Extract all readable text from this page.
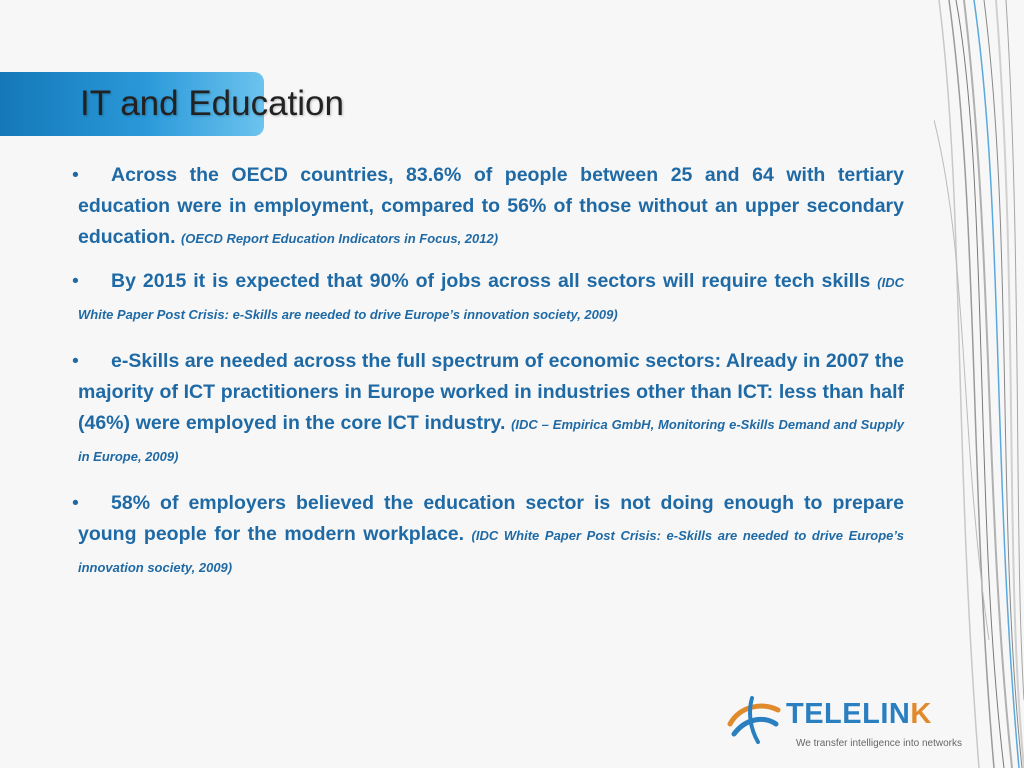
IT and Education
•	Across the OECD countries, 83.6% of people between 25 and 64 with tertiary education were in employment, compared to 56% of those without an upper secondary education. (OECD Report Education Indicators in Focus, 2012)
•	By 2015 it is expected that 90% of jobs across all sectors will require tech skills (IDC White Paper Post Crisis: e-Skills are needed to drive Europe’s innovation society, 2009)
•	e-Skills are needed across the full spectrum of economic sectors: Already in 2007 the majority of ICT practitioners in Europe worked in industries other than ICT: less than half (46%) were employed in the core ICT industry. (IDC – Empirica GmbH, Monitoring e-Skills Demand and Supply in Europe, 2009)
•	58% of employers believed the education sector is not doing enough to prepare young people for the modern workplace. (IDC White Paper Post Crisis: e-Skills are needed to drive Europe’s innovation society, 2009)
TELELINK
We transfer intelligence into networks
